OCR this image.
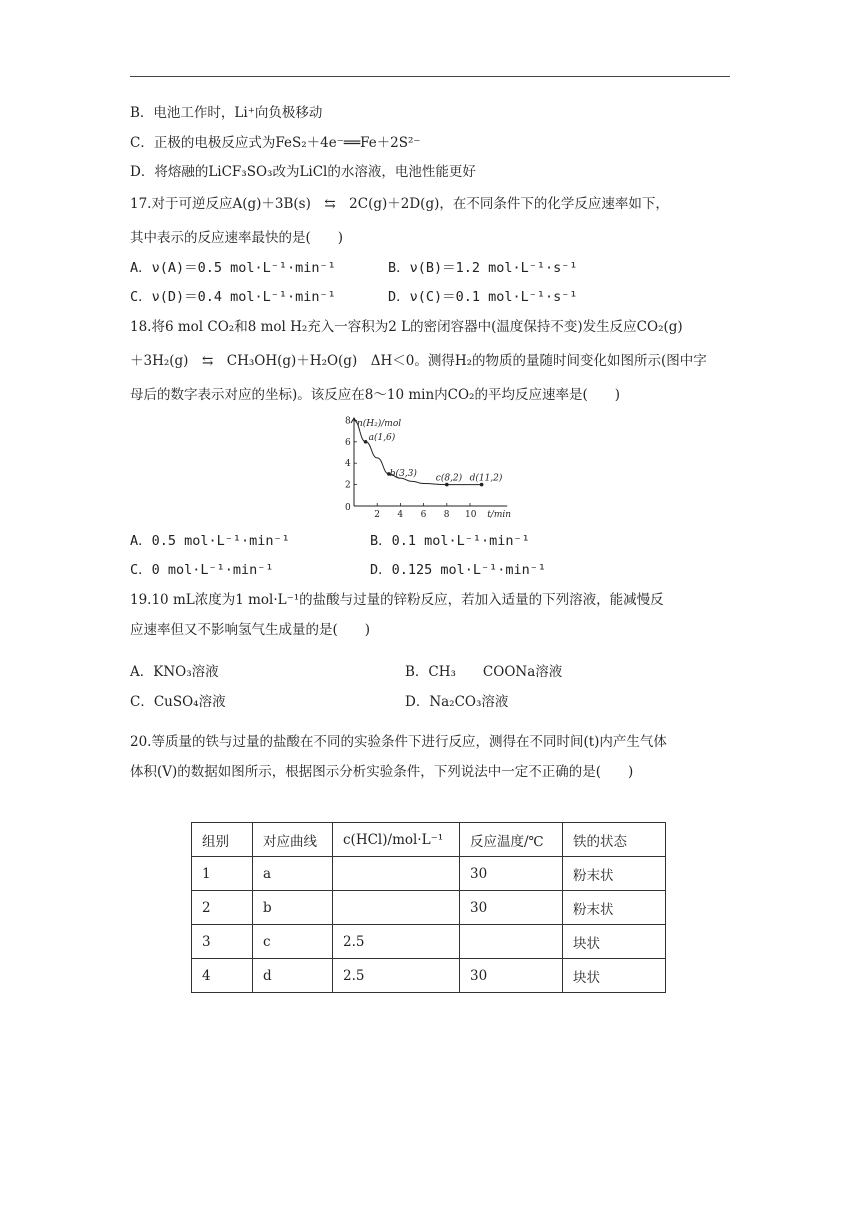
B．电池工作时，Li⁺向负极移动
C．正极的电极反应式为FeS₂＋4e⁻══Fe＋2S²⁻
D．将熔融的LiCF₃SO₃改为LiCl的水溶液，电池性能更好
17.对于可逆反应A(g)＋3B(s)　⇆　2C(g)＋2D(g)，在不同条件下的化学反应速率如下，
其中表示的反应速率最快的是(　　)
A．ν(A)＝0.5 mol·L⁻¹·min⁻¹	B．ν(B)＝1.2 mol·L⁻¹·s⁻¹
C．ν(D)＝0.4 mol·L⁻¹·min⁻¹	D．ν(C)＝0.1 mol·L⁻¹·s⁻¹
18.将6 mol CO₂和8 mol H₂充入一容积为2 L的密闭容器中(温度保持不变)发生反应CO₂(g)
＋3H₂(g)　⇆　CH₃OH(g)＋H₂O(g)　ΔH＜0。测得H₂的物质的量随时间变化如图所示(图中字
母后的数字表示对应的坐标)。该反应在8～10 min内CO₂的平均反应速率是(　　)
n(H₂)/mol
t/min
0
2
4
6
8
2 4 6 8 10
a(1,6)
b(3,3) c(8,2) d(11,2)
A．0.5 mol·L⁻¹·min⁻¹	B．0.1 mol·L⁻¹·min⁻¹
C．0 mol·L⁻¹·min⁻¹	D．0.125 mol·L⁻¹·min⁻¹
19.10 mL浓度为1 mol·L⁻¹的盐酸与过量的锌粉反应，若加入适量的下列溶液，能减慢反
应速率但又不影响氢气生成量的是(　　)
A．KNO₃溶液	B．CH₃　　COONa溶液
C．CuSO₄溶液	D．Na₂CO₃溶液
20.等质量的铁与过量的盐酸在不同的实验条件下进行反应，测得在不同时间(t)内产生气体
体积(V)的数据如图所示，根据图示分析实验条件，下列说法中一定不正确的是(　　)
组别	对应曲线	c(HCl)/mol·L⁻¹	反应温度/℃	铁的状态
1	a		30	粉末状
2	b		30	粉末状
3	c	2.5		块状
4	d	2.5	30	块状
